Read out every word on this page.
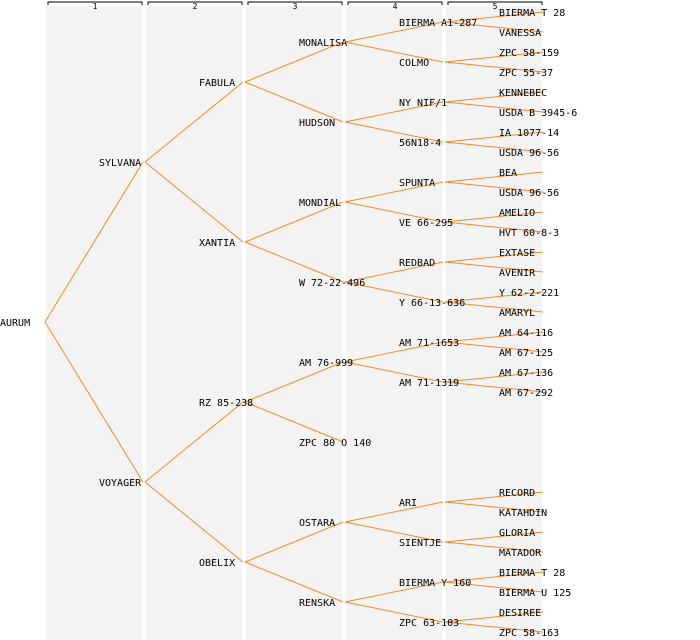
1	2	3	4	5
AURUM
SYLVANA
FABULA
MONALISA
BIERMA A1-287
BIERMA T 28
VANESSA
COLMO
ZPC 58-159
ZPC 55-37
HUDSON
NY NIF/1
KENNEBEC
USDA B 3945-6
56N18-4
IA 1077-14
USDA 96-56
XANTIA
MONDIAL
SPUNTA
BEA
USDA 96-56
VE 66-295
AMELIO
HVT 60-8-3
W 72-22-496
REDBAD
EXTASE
AVENIR
Y 66-13-636
Y 62-2-221
AMARYL
VOYAGER
RZ 85-238
AM 76-999
AM 71-1653
AM 64-116
AM 67-125
AM 71-1319
AM 67-136
AM 67-292
ZPC 80 O 140
OBELIX
OSTARA
ARI
RECORD
KATAHDIN
SIENTJE
GLORIA
MATADOR
RENSKA
BIERMA Y 160
BIERMA T 28
BIERMA U 125
ZPC 63-103
DESIREE
ZPC 58-163
